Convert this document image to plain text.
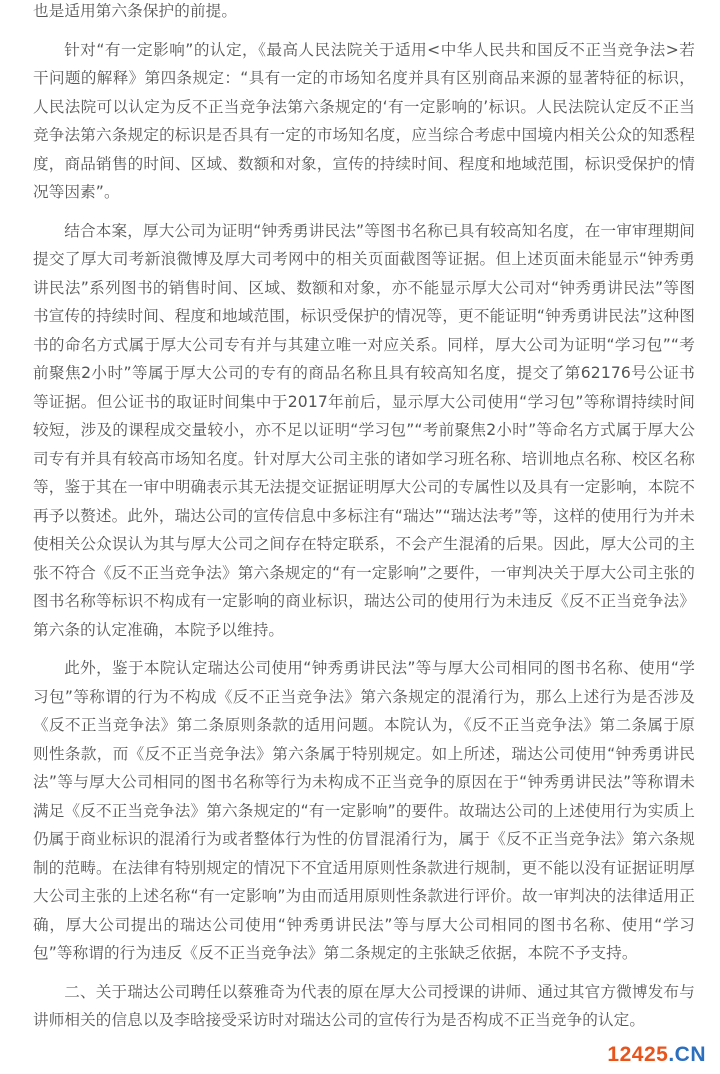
也是适用第六条保护的前提。

针对“有一定影响”的认定，《最高人民法院关于适用<中华人民共和国反不正当竞争法>若干问题的解释》第四条规定：“具有一定的市场知名度并具有区别商品来源的显著特征的标识，人民法院可以认定为反不正当竞争法第六条规定的‘有一定影响的’标识。人民法院认定反不正当竞争法第六条规定的标识是否具有一定的市场知名度，应当综合考虑中国境内相关公众的知悉程度，商品销售的时间、区域、数额和对象，宣传的持续时间、程度和地域范围，标识受保护的情况等因素”。

结合本案，厚大公司为证明“钟秀勇讲民法”等图书名称已具有较高知名度，在一审审理期间提交了厚大司考新浪微博及厚大司考网中的相关页面截图等证据。但上述页面未能显示“钟秀勇讲民法”系列图书的销售时间、区域、数额和对象，亦不能显示厚大公司对“钟秀勇讲民法”等图书宣传的持续时间、程度和地域范围，标识受保护的情况等，更不能证明“钟秀勇讲民法”这种图书的命名方式属于厚大公司专有并与其建立唯一对应关系。同样，厚大公司为证明“学习包”“考前聚焦2小时”等属于厚大公司的专有的商品名称且具有较高知名度，提交了第62176号公证书等证据。但公证书的取证时间集中于2017年前后，显示厚大公司使用“学习包”等称谓持续时间较短，涉及的课程成交量较小，亦不足以证明“学习包”“考前聚焦2小时”等命名方式属于厚大公司专有并具有较高市场知名度。针对厚大公司主张的诸如学习班名称、培训地点名称、校区名称等，鉴于其在一审中明确表示其无法提交证据证明厚大公司的专属性以及具有一定影响，本院不再予以赘述。此外，瑞达公司的宣传信息中多标注有“瑞达”“瑞达法考”等，这样的使用行为并未使相关公众误认为其与厚大公司之间存在特定联系，不会产生混淆的后果。因此，厚大公司的主张不符合《反不正当竞争法》第六条规定的“有一定影响”之要件，一审判决关于厚大公司主张的图书名称等标识不构成有一定影响的商业标识，瑞达公司的使用行为未违反《反不正当竞争法》第六条的认定准确，本院予以维持。

此外，鉴于本院认定瑞达公司使用“钟秀勇讲民法”等与厚大公司相同的图书名称、使用“学习包”等称谓的行为不构成《反不正当竞争法》第六条规定的混淆行为，那么上述行为是否涉及《反不正当竞争法》第二条原则条款的适用问题。本院认为，《反不正当竞争法》第二条属于原则性条款，而《反不正当竞争法》第六条属于特别规定。如上所述，瑞达公司使用“钟秀勇讲民法”等与厚大公司相同的图书名称等行为未构成不正当竞争的原因在于“钟秀勇讲民法”等称谓未满足《反不正当竞争法》第六条规定的“有一定影响”的要件。故瑞达公司的上述使用行为实质上仍属于商业标识的混淆行为或者整体行为性的仿冒混淆行为，属于《反不正当竞争法》第六条规制的范畴。在法律有特别规定的情况下不宜适用原则性条款进行规制，更不能以没有证据证明厚大公司主张的上述名称“有一定影响”为由而适用原则性条款进行评价。故一审判决的法律适用正确，厚大公司提出的瑞达公司使用“钟秀勇讲民法”等与厚大公司相同的图书名称、使用“学习包”等称谓的行为违反《反不正当竞争法》第二条规定的主张缺乏依据，本院不予支持。

二、关于瑞达公司聘任以蔡雅奇为代表的原在厚大公司授课的讲师、通过其官方微博发布与讲师相关的信息以及李晗接受采访时对瑞达公司的宣传行为是否构成不正当竞争的认定。

12425.CN
